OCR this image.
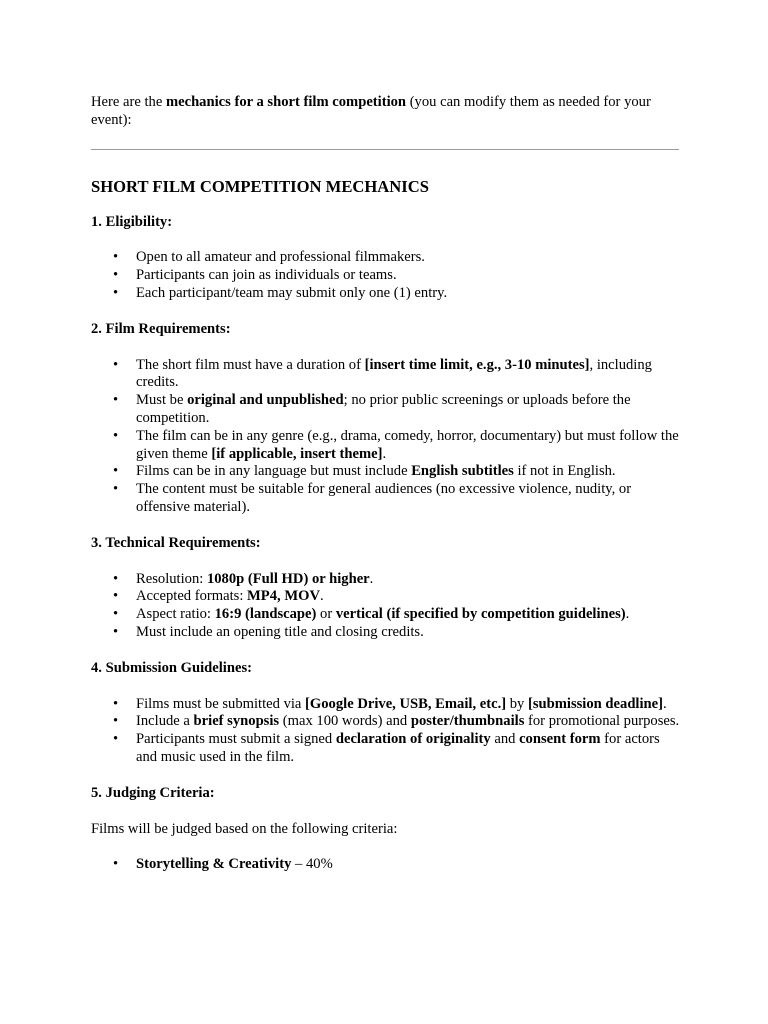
Here are the mechanics for a short film competition (you can modify them as needed for your event):

SHORT FILM COMPETITION MECHANICS
1. Eligibility:
• Open to all amateur and professional filmmakers.
• Participants can join as individuals or teams.
• Each participant/team may submit only one (1) entry.
2. Film Requirements:
• The short film must have a duration of [insert time limit, e.g., 3-10 minutes], including credits.
• Must be original and unpublished; no prior public screenings or uploads before the competition.
• The film can be in any genre (e.g., drama, comedy, horror, documentary) but must follow the given theme [if applicable, insert theme].
• Films can be in any language but must include English subtitles if not in English.
• The content must be suitable for general audiences (no excessive violence, nudity, or offensive material).
3. Technical Requirements:
• Resolution: 1080p (Full HD) or higher.
• Accepted formats: MP4, MOV.
• Aspect ratio: 16:9 (landscape) or vertical (if specified by competition guidelines).
• Must include an opening title and closing credits.
4. Submission Guidelines:
• Films must be submitted via [Google Drive, USB, Email, etc.] by [submission deadline].
• Include a brief synopsis (max 100 words) and poster/thumbnails for promotional purposes.
• Participants must submit a signed declaration of originality and consent form for actors and music used in the film.
5. Judging Criteria:

Films will be judged based on the following criteria:

• Storytelling & Creativity – 40%
